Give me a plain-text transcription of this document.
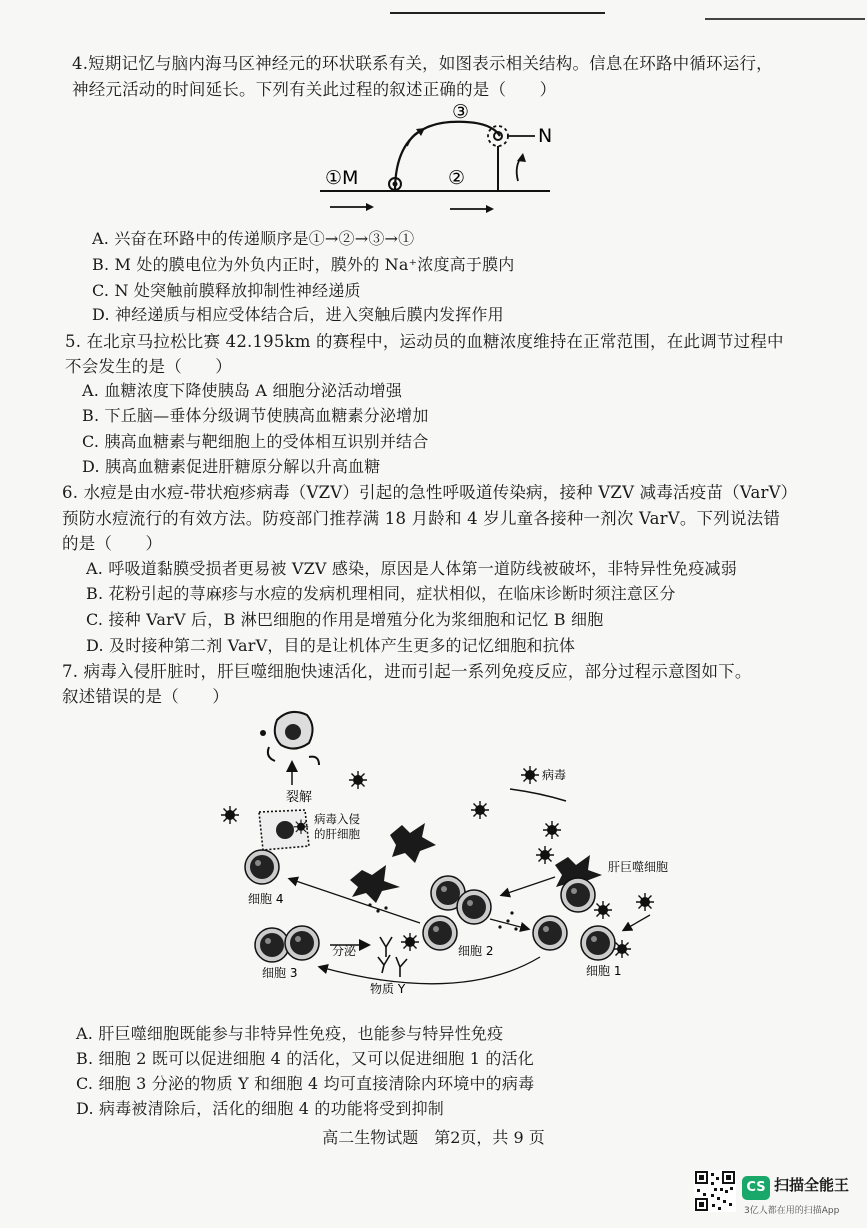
4.短期记忆与脑内海马区神经元的环状联系有关，如图表示相关结构。信息在环路中循环运行，
神经元活动的时间延长。下列有关此过程的叙述正确的是（　　）
①M	②
③
N
A. 兴奋在环路中的传递顺序是①→②→③→①
B. M 处的膜电位为外负内正时，膜外的 Na⁺浓度高于膜内
C. N 处突触前膜释放抑制性神经递质
D. 神经递质与相应受体结合后，进入突触后膜内发挥作用
5. 在北京马拉松比赛 42.195km 的赛程中，运动员的血糖浓度维持在正常范围，在此调节过程中
不会发生的是（　　）
A. 血糖浓度下降使胰岛 A 细胞分泌活动增强
B. 下丘脑—垂体分级调节使胰高血糖素分泌增加
C. 胰高血糖素与靶细胞上的受体相互识别并结合
D. 胰高血糖素促进肝糖原分解以升高血糖
6. 水痘是由水痘-带状疱疹病毒（VZV）引起的急性呼吸道传染病，接种 VZV 减毒活疫苗（VarV）
预防水痘流行的有效方法。防疫部门推荐满 18 月龄和 4 岁儿童各接种一剂次 VarV。下列说法错
的是（　　）
A. 呼吸道黏膜受损者更易被 VZV 感染，原因是人体第一道防线被破坏，非特异性免疫减弱
B. 花粉引起的荨麻疹与水痘的发病机理相同，症状相似，在临床诊断时须注意区分
C. 接种 VarV 后，B 淋巴细胞的作用是增殖分化为浆细胞和记忆 B 细胞
D. 及时接种第二剂 VarV，目的是让机体产生更多的记忆细胞和抗体
7. 病毒入侵肝脏时，肝巨噬细胞快速活化，进而引起一系列免疫反应，部分过程示意图如下。
叙述错误的是（　　）
裂解
病毒入侵
的肝细胞
病毒
肝巨噬细胞
细胞 4
细胞 3
分泌
物质 Y
细胞 2
细胞 1
A. 肝巨噬细胞既能参与非特异性免疫，也能参与特异性免疫
B. 细胞 2 既可以促进细胞 4 的活化，又可以促进细胞 1 的活化
C. 细胞 3 分泌的物质 Y 和细胞 4 均可直接清除内环境中的病毒
D. 病毒被清除后，活化的细胞 4 的功能将受到抑制
高二生物试题　第2页，共 9 页
CS 扫描全能王
3亿人都在用的扫描App
